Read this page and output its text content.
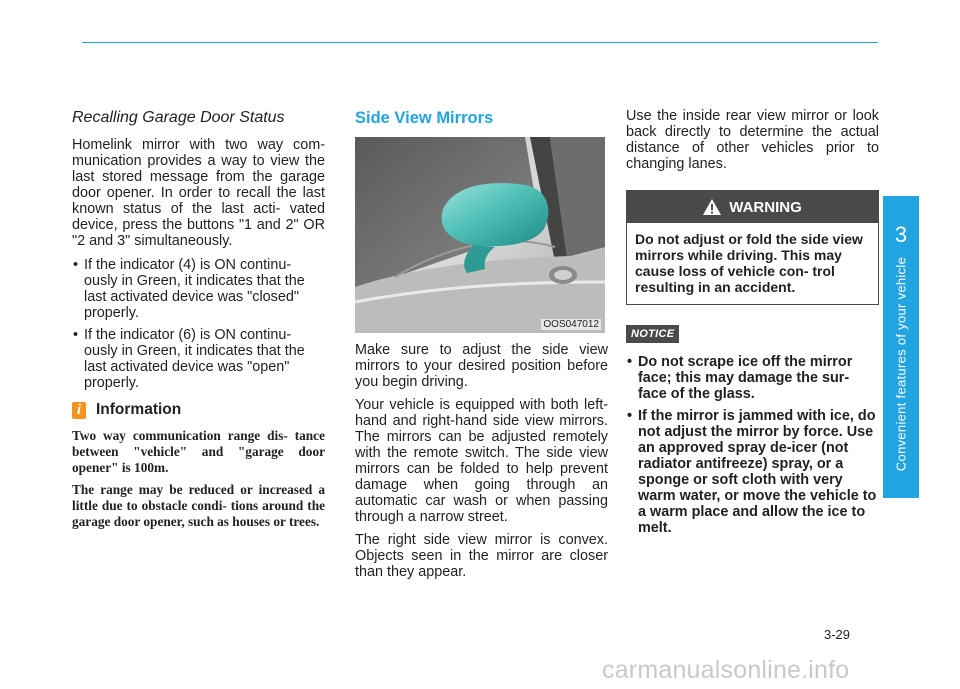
Recalling Garage Door Status

Homelink mirror with two way com- munication provides a way to view the last stored message from the garage door opener. In order to recall the last known status of the last acti- vated device, press the buttons "1 and 2" OR "2 and 3" simultaneously.

• If the indicator (4) is ON continu- ously in Green, it indicates that the last activated device was "closed" properly.
• If the indicator (6) is ON continu- ously in Green, it indicates that the last activated device was "open" properly.
i Information
Two way communication range dis- tance between "vehicle" and "garage door opener" is 100m.
The range may be reduced or increased a little due to obstacle condi- tions around the garage door opener, such as houses or trees.
Side View Mirrors
OOS047012

Make sure to adjust the side view mirrors to your desired position before you begin driving.

Your vehicle is equipped with both left-hand and right-hand side view mirrors. The mirrors can be adjusted remotely with the remote switch. The side view mirrors can be folded to help prevent damage when going through an automatic car wash or when passing through a narrow street.

The right side view mirror is convex. Objects seen in the mirror are closer than they appear.

Use the inside rear view mirror or look back directly to determine the actual distance of other vehicles prior to changing lanes.

WARNING
Do not adjust or fold the side view mirrors while driving. This may cause loss of vehicle con- trol resulting in an accident.
NOTICE
• Do not scrape ice off the mirror face; this may damage the sur- face of the glass.
• If the mirror is jammed with ice, do not adjust the mirror by force. Use an approved spray de-icer (not radiator antifreeze) spray, or a sponge or soft cloth with very warm water, or move the vehicle to a warm place and allow the ice to melt.
3
Convenient features of your vehicle
3-29
carmanualsonline.info
